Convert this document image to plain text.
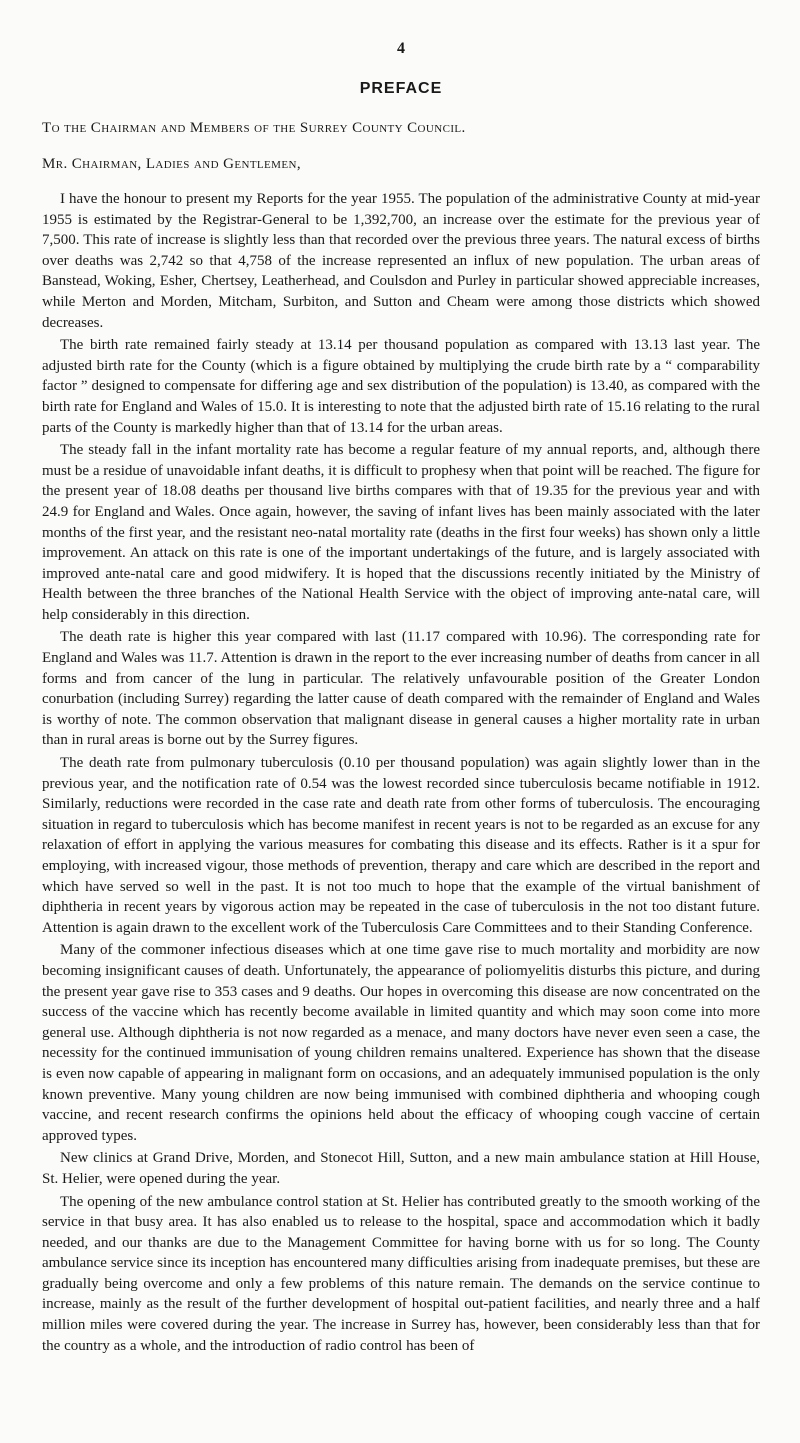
4
PREFACE
To the Chairman and Members of the Surrey County Council.
Mr. Chairman, Ladies and Gentlemen,

I have the honour to present my Reports for the year 1955. The population of the administrative County at mid-year 1955 is estimated by the Registrar-General to be 1,392,700, an increase over the estimate for the previous year of 7,500. This rate of increase is slightly less than that recorded over the previous three years. The natural excess of births over deaths was 2,742 so that 4,758 of the increase represented an influx of new population. The urban areas of Banstead, Woking, Esher, Chertsey, Leatherhead, and Coulsdon and Purley in particular showed appreciable increases, while Merton and Morden, Mitcham, Surbiton, and Sutton and Cheam were among those districts which showed decreases.

The birth rate remained fairly steady at 13.14 per thousand population as compared with 13.13 last year. The adjusted birth rate for the County (which is a figure obtained by multiplying the crude birth rate by a “ comparability factor ” designed to compensate for differing age and sex distribution of the population) is 13.40, as compared with the birth rate for England and Wales of 15.0. It is interesting to note that the adjusted birth rate of 15.16 relating to the rural parts of the County is markedly higher than that of 13.14 for the urban areas.

The steady fall in the infant mortality rate has become a regular feature of my annual reports, and, although there must be a residue of unavoidable infant deaths, it is difficult to prophesy when that point will be reached. The figure for the present year of 18.08 deaths per thousand live births compares with that of 19.35 for the previous year and with 24.9 for England and Wales. Once again, however, the saving of infant lives has been mainly associated with the later months of the first year, and the resistant neo-natal mortality rate (deaths in the first four weeks) has shown only a little improvement. An attack on this rate is one of the important undertakings of the future, and is largely associated with improved ante-natal care and good midwifery. It is hoped that the discussions recently initiated by the Ministry of Health between the three branches of the National Health Service with the object of improving ante-natal care, will help considerably in this direction.

The death rate is higher this year compared with last (11.17 compared with 10.96). The corresponding rate for England and Wales was 11.7. Attention is drawn in the report to the ever increasing number of deaths from cancer in all forms and from cancer of the lung in particular. The relatively unfavourable position of the Greater London conurbation (including Surrey) regarding the latter cause of death compared with the remainder of England and Wales is worthy of note. The common observation that malignant disease in general causes a higher mortality rate in urban than in rural areas is borne out by the Surrey figures.

The death rate from pulmonary tuberculosis (0.10 per thousand population) was again slightly lower than in the previous year, and the notification rate of 0.54 was the lowest recorded since tuberculosis became notifiable in 1912. Similarly, reductions were recorded in the case rate and death rate from other forms of tuberculosis. The encouraging situation in regard to tuberculosis which has become manifest in recent years is not to be regarded as an excuse for any relaxation of effort in applying the various measures for combating this disease and its effects. Rather is it a spur for employing, with increased vigour, those methods of prevention, therapy and care which are described in the report and which have served so well in the past. It is not too much to hope that the example of the virtual banishment of diphtheria in recent years by vigorous action may be repeated in the case of tuberculosis in the not too distant future. Attention is again drawn to the excellent work of the Tuberculosis Care Committees and to their Standing Conference.

Many of the commoner infectious diseases which at one time gave rise to much mortality and morbidity are now becoming insignificant causes of death. Unfortunately, the appearance of poliomyelitis disturbs this picture, and during the present year gave rise to 353 cases and 9 deaths. Our hopes in overcoming this disease are now concentrated on the success of the vaccine which has recently become available in limited quantity and which may soon come into more general use. Although diphtheria is not now regarded as a menace, and many doctors have never even seen a case, the necessity for the continued immunisation of young children remains unaltered. Experience has shown that the disease is even now capable of appearing in malignant form on occasions, and an adequately immunised population is the only known preventive. Many young children are now being immunised with combined diphtheria and whooping cough vaccine, and recent research confirms the opinions held about the efficacy of whooping cough vaccine of certain approved types.

New clinics at Grand Drive, Morden, and Stonecot Hill, Sutton, and a new main ambulance station at Hill House, St. Helier, were opened during the year.

The opening of the new ambulance control station at St. Helier has contributed greatly to the smooth working of the service in that busy area. It has also enabled us to release to the hospital, space and accommodation which it badly needed, and our thanks are due to the Management Committee for having borne with us for so long. The County ambulance service since its inception has encountered many difficulties arising from inadequate premises, but these are gradually being overcome and only a few problems of this nature remain. The demands on the service continue to increase, mainly as the result of the further development of hospital out-patient facilities, and nearly three and a half million miles were covered during the year. The increase in Surrey has, however, been considerably less than that for the country as a whole, and the introduction of radio control has been of
